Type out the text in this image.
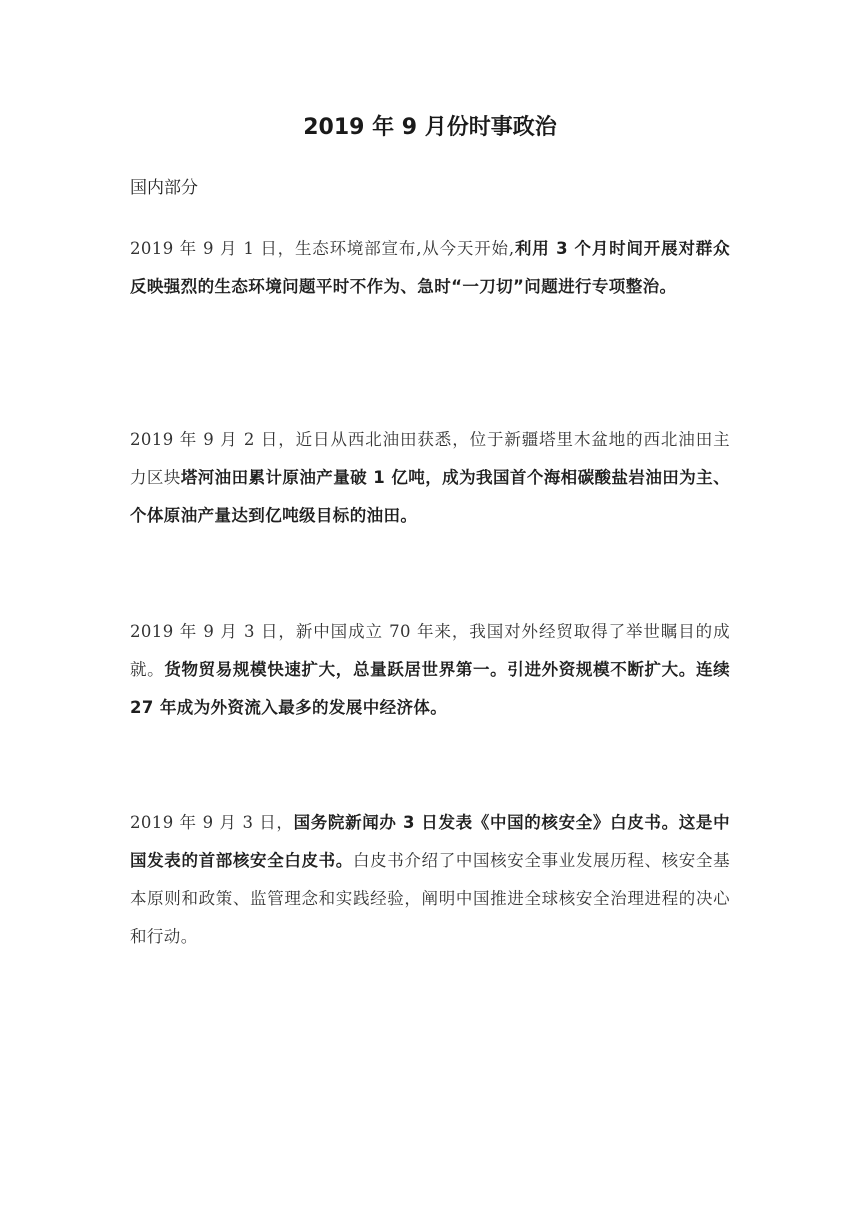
2019 年 9 月份时事政治
国内部分

2019 年 9 月 1 日，生态环境部宣布,从今天开始,利用 3 个月时间开展对群众反映强烈的生态环境问题平时不作为、急时“一刀切”问题进行专项整治。

2019 年 9 月 2 日，近日从西北油田获悉，位于新疆塔里木盆地的西北油田主力区块塔河油田累计原油产量破 1 亿吨，成为我国首个海相碳酸盐岩油田为主、个体原油产量达到亿吨级目标的油田。

2019 年 9 月 3 日，新中国成立 70 年来，我国对外经贸取得了举世瞩目的成就。货物贸易规模快速扩大，总量跃居世界第一。引进外资规模不断扩大。连续 27 年成为外资流入最多的发展中经济体。

2019 年 9 月 3 日，国务院新闻办 3 日发表《中国的核安全》白皮书。这是中国发表的首部核安全白皮书。白皮书介绍了中国核安全事业发展历程、核安全基本原则和政策、监管理念和实践经验，阐明中国推进全球核安全治理进程的决心和行动。
